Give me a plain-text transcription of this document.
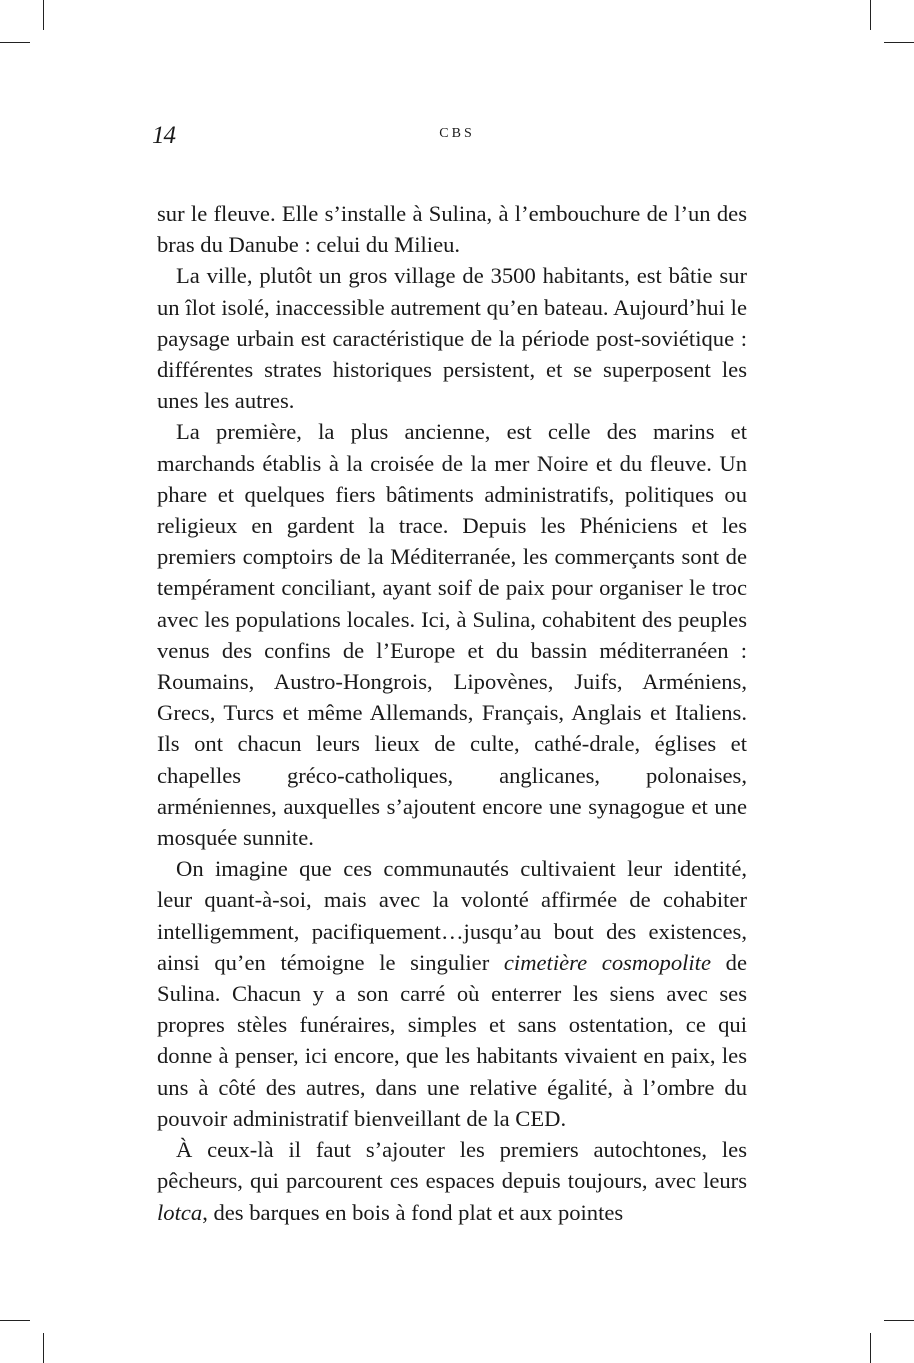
14	CBS

sur le fleuve. Elle s’installe à Sulina, à l’embouchure de l’un des bras du Danube : celui du Milieu.

La ville, plutôt un gros village de 3500 habitants, est bâtie sur un îlot isolé, inaccessible autrement qu’en bateau. Aujourd’hui le paysage urbain est caractéristique de la période post-soviétique : différentes strates historiques persistent, et se superposent les unes les autres.

La première, la plus ancienne, est celle des marins et marchands établis à la croisée de la mer Noire et du fleuve. Un phare et quelques fiers bâtiments administratifs, politiques ou religieux en gardent la trace. Depuis les Phéniciens et les premiers comptoirs de la Méditerranée, les commerçants sont de tempérament conciliant, ayant soif de paix pour organiser le troc avec les populations locales. Ici, à Sulina, cohabitent des peuples venus des confins de l’Europe et du bassin méditerranéen : Roumains, Austro-Hongrois, Lipovènes, Juifs, Arméniens, Grecs, Turcs et même Allemands, Français, Anglais et Italiens. Ils ont chacun leurs lieux de culte, cathé-drale, églises et chapelles gréco-catholiques, anglicanes, polonaises, arméniennes, auxquelles s’ajoutent encore une synagogue et une mosquée sunnite.

On imagine que ces communautés cultivaient leur identité, leur quant-à-soi, mais avec la volonté affirmée de cohabiter intelligemment, pacifiquement…jusqu’au bout des existences, ainsi qu’en témoigne le singulier cimetière cosmopolite de Sulina. Chacun y a son carré où enterrer les siens avec ses propres stèles funéraires, simples et sans ostentation, ce qui donne à penser, ici encore, que les habitants vivaient en paix, les uns à côté des autres, dans une relative égalité, à l’ombre du pouvoir administratif bienveillant de la CED.

À ceux-là il faut s’ajouter les premiers autochtones, les pêcheurs, qui parcourent ces espaces depuis toujours, avec leurs lotca, des barques en bois à fond plat et aux pointes
